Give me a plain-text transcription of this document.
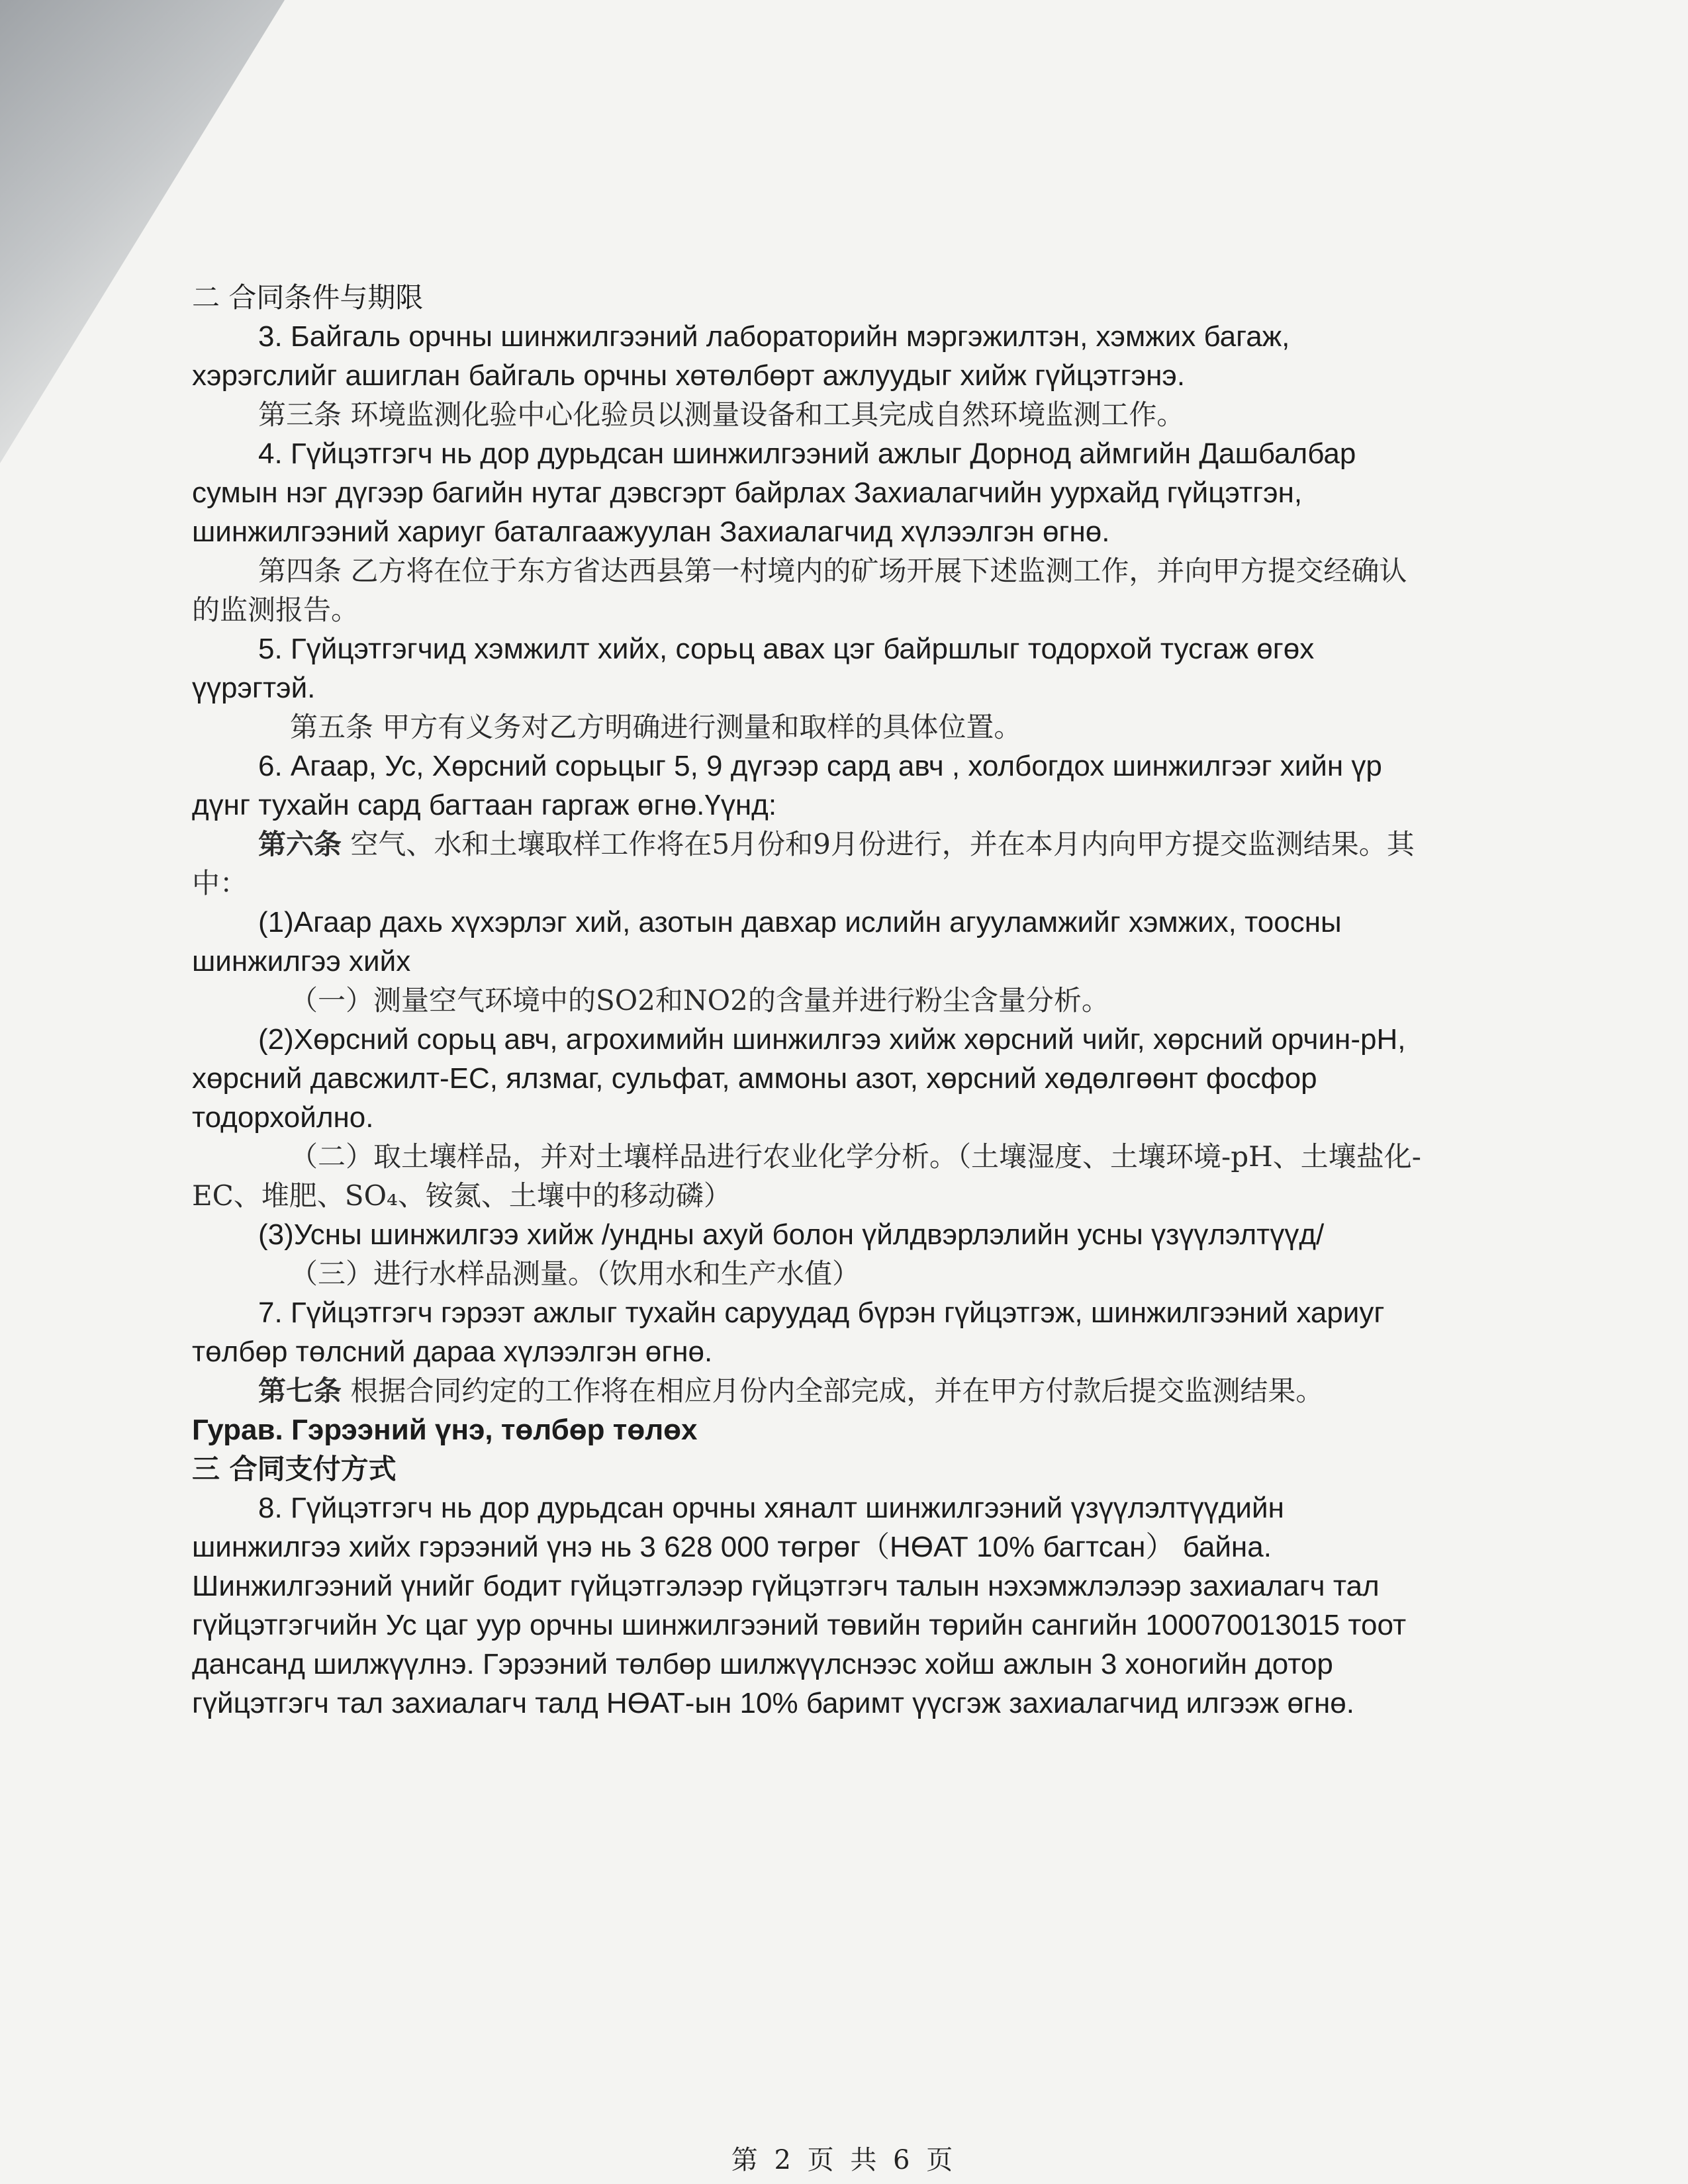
二 合同条件与期限

3. Байгаль орчны шинжилгээний лабораторийн мэргэжилтэн, хэмжих багаж, хэрэгслийг ашиглан байгаль орчны хөтөлбөрт ажлуудыг хийж гүйцэтгэнэ.

第三条 环境监测化验中心化验员以测量设备和工具完成自然环境监测工作。

4. Гүйцэтгэгч нь дор дурьдсан шинжилгээний ажлыг Дорнод аймгийн Дашбалбар сумын нэг дүгээр багийн нутаг дэвсгэрт байрлах Захиалагчийн уурхайд гүйцэтгэн, шинжилгээний хариуг баталгаажуулан Захиалагчид хүлээлгэн өгнө.

第四条 乙方将在位于东方省达西县第一村境内的矿场开展下述监测工作，并向甲方提交经确认的监测报告。

5. Гүйцэтгэгчид хэмжилт хийх, сорьц авах цэг байршлыг тодорхой тусгаж өгөх үүрэгтэй.

第五条 甲方有义务对乙方明确进行测量和取样的具体位置。

6. Агаар, Ус, Хөрсний сорьцыг 5, 9 дүгээр сард авч , холбогдох шинжилгээг хийн үр дүнг тухайн сард багтаан гаргаж өгнө.Үүнд:

第六条 空气、水和土壤取样工作将在5月份和9月份进行，并在本月内向甲方提交监测结果。其中：

(1)Агаар дахь хүхэрлэг хий, азотын давхар ислийн агууламжийг хэмжих, тоосны шинжилгээ хийх

（一）测量空气环境中的SO2和NO2的含量并进行粉尘含量分析。

(2)Хөрсний сорьц авч, агрохимийн шинжилгээ хийж хөрсний чийг, хөрсний орчин-pH, хөрсний давсжилт-EC, ялзмаг, сульфат, аммоны азот, хөрсний хөдөлгөөнт фосфор тодорхойлно.

（二）取土壤样品，并对土壤样品进行农业化学分析。（土壤湿度、土壤环境-pH、土壤盐化-EC、堆肥、SO₄、铵氮、土壤中的移动磷）

(3)Усны шинжилгээ хийж /ундны ахуй болон үйлдвэрлэлийн усны үзүүлэлтүүд/

（三）进行水样品测量。（饮用水和生产水值）

7. Гүйцэтгэгч гэрээт ажлыг тухайн саруудад бүрэн гүйцэтгэж, шинжилгээний хариуг төлбөр төлсний дараа хүлээлгэн өгнө.

第七条 根据合同约定的工作将在相应月份内全部完成，并在甲方付款后提交监测结果。

Гурав. Гэрээний үнэ, төлбөр төлөх

三 合同支付方式

8. Гүйцэтгэгч нь дор дурьдсан орчны хяналт шинжилгээний үзүүлэлтүүдийн шинжилгээ хийх гэрээний үнэ нь 3 628 000 төгрөг（НӨАТ 10% багтсан） байна. Шинжилгээний үнийг бодит гүйцэтгэлээр гүйцэтгэгч талын нэхэмжлэлээр захиалагч тал гүйцэтгэгчийн Ус цаг уур орчны шинжилгээний төвийн төрийн сангийн 100070013015 тоот дансанд шилжүүлнэ. Гэрээний төлбөр шилжүүлснээс хойш ажлын 3 хоногийн дотор гүйцэтгэгч тал захиалагч талд НӨАТ-ын 10% баримт үүсгэж захиалагчид илгээж өгнө.

第 2 页 共 6 页
